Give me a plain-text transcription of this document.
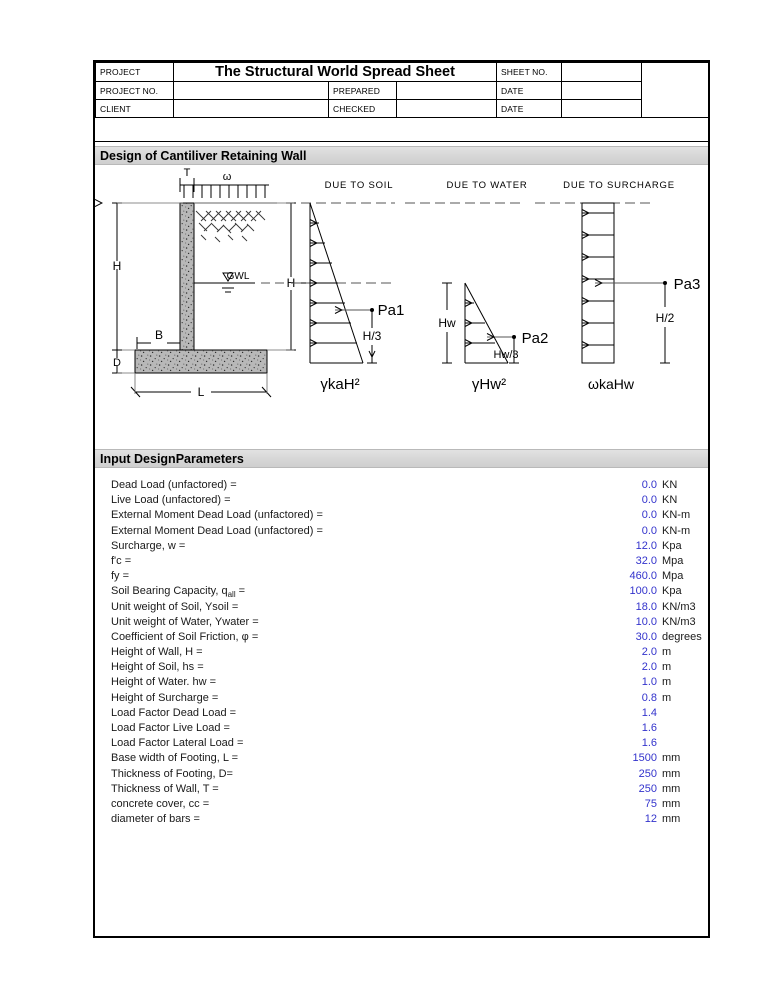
PROJECT	The Structural World Spread Sheet			SHEET NO.		
PROJECT NO.		PREPARED		DATE		
CLIENT		CHECKED		DATE		
Design of Cantiliver Retaining Wall
T	ω
H
B
D
L
GWL	H
DUE TO SOIL
Pa1
H/3
γkaH²
DUE TO WATER
Hw
Pa2
Hw/3
γHw²
DUE TO SURCHARGE
Pa3
H/2
ωkaHw
Input DesignParameters
Dead Load (unfactored) =	0.0 KN
Live Load (unfactored) =	0.0 KN
External Moment Dead Load (unfactored) =	0.0 KN-m
External Moment Dead Load (unfactored) =	0.0 KN-m
Surcharge, w =	12.0 Kpa
f'c =	32.0 Mpa
fy =	460.0 Mpa
Soil Bearing Capacity, $q_{all}$ =	100.0 Kpa
Unit weight of Soil, Ysoil =	18.0 KN/m3
Unit weight of Water, Ywater =	10.0 KN/m3
Coefficient of Soil Friction, φ =	30.0 degrees
Height of Wall, H =	2.0 m
Height of Soil, hs =	2.0 m
Height of Water. hw =	1.0 m
Height of Surcharge =	0.8 m
Load Factor Dead Load =	1.4
Load Factor Live Load =	1.6
Load Factor Lateral Load =	1.6
Base width of Footing, L =	1500 mm
Thickness of Footing, D=	250 mm
Thickness of Wall, T =	250 mm
concrete cover, cc =	75 mm
diameter of bars =	12 mm
